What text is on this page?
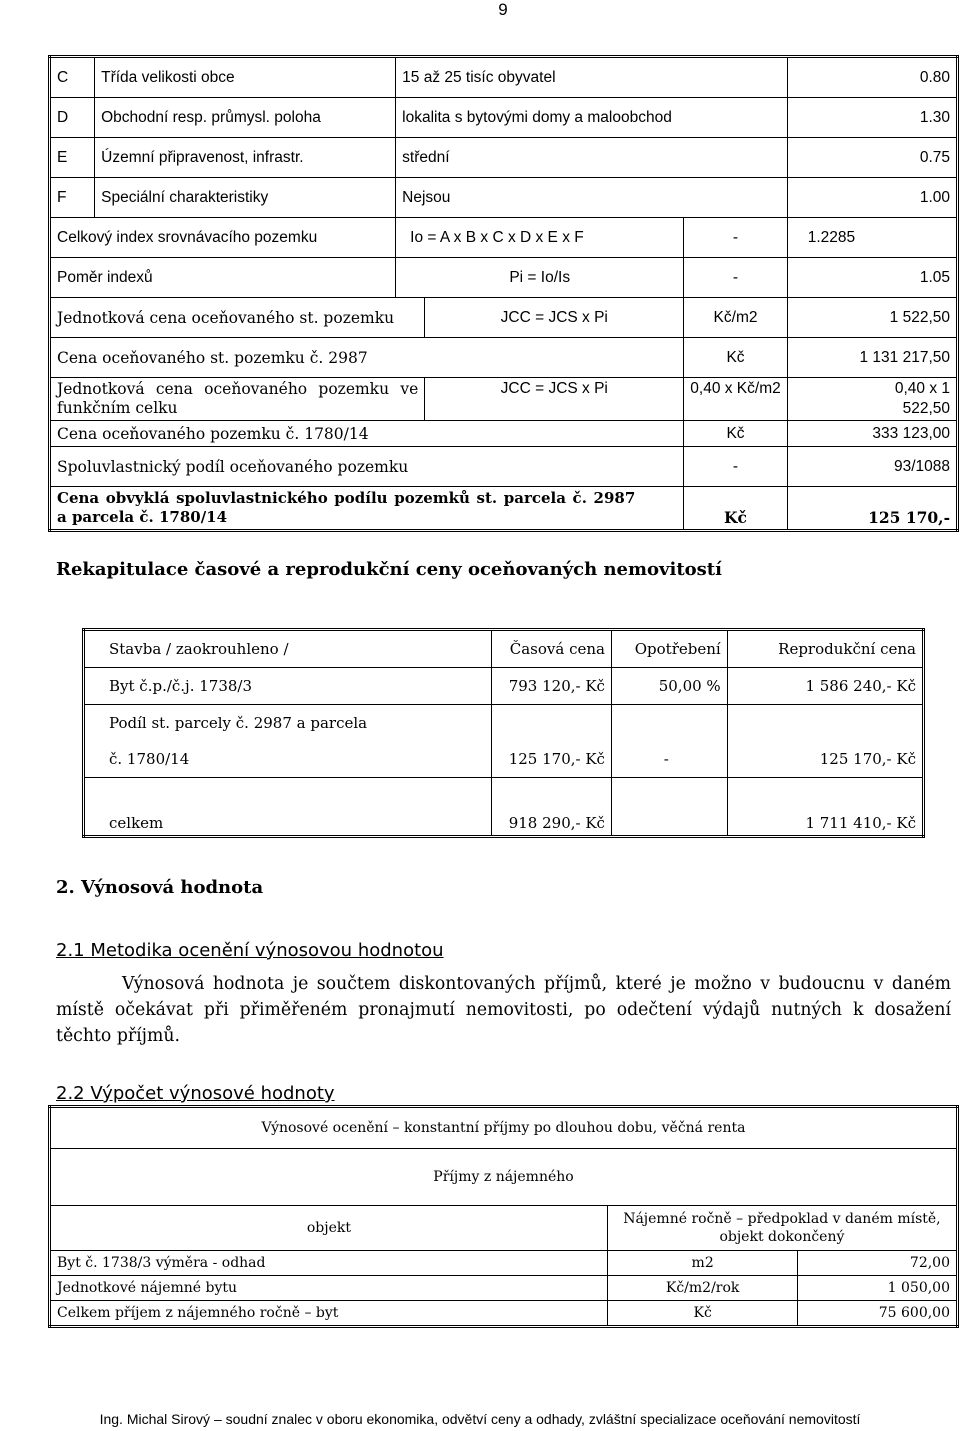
9
C	Třída velikosti obce	15 až 25 tisíc obyvatel			0.80
D	Obchodní resp. průmysl. poloha	lokalita s bytovými domy a maloobchod			1.30
E	Územní připravenost, infrastr.	střední			0.75
F	Speciální charakteristiky	Nejsou			1.00
Celkový index srovnávacího pozemku		Io = A x B x C x D x E x F		-	1.2285
Poměr indexů		Pi = Io/Is		-	1.05
Jednotková cena oceňovaného st. pozemku			JCC = JCS x Pi	Kč/m2	1 522,50
Cena oceňovaného st. pozemku č. 2987				Kč	1 131 217,50
Jednotková cena oceňovaného pozemku ve funkčním celku			JCC = JCS x Pi	0,40 x Kč/m2	0,40 x 1 522,50
Cena oceňovaného pozemku č. 1780/14				Kč	333 123,00
Spoluvlastnický podíl oceňovaného pozemku				-	93/1088
Cena obvyklá spoluvlastnického podílu pozemků st. parcela č. 2987 a parcela č. 1780/14				Kč	125 170,-
Rekapitulace časové a reprodukční ceny oceňovaných nemovitostí
Stavba / zaokrouhleno /	Časová cena	Opotřebení	Reprodukční cena
Byt č.p./č.j. 1738/3	793 120,- Kč	50,00 %	1 586 240,- Kč
Podíl st. parcely č. 2987 a parcela			
č. 1780/14	125 170,- Kč	-	125 170,- Kč
celkem	918 290,- Kč		1 711 410,- Kč
2. Výnosová hodnota
2.1 Metodika ocenění výnosovou hodnotou
Výnosová hodnota je součtem diskontovaných příjmů, které je možno v budoucnu v daném místě očekávat při přiměřeném pronajmutí nemovitosti, po odečtení výdajů nutných k dosažení těchto příjmů.
2.2 Výpočet výnosové hodnoty
Výnosové ocenění – konstantní příjmy po dlouhou dobu, věčná renta		
Příjmy z nájemného		
objekt	Nájemné ročně – předpoklad v daném místě, objekt dokončený	
Byt č. 1738/3 výměra - odhad	m2	72,00
Jednotkové nájemné bytu	Kč/m2/rok	1 050,00
Celkem příjem z nájemného ročně – byt	Kč	75 600,00
Ing. Michal Sirový – soudní znalec v oboru ekonomika, odvětví ceny a odhady, zvláštní specializace oceňování nemovitostí
